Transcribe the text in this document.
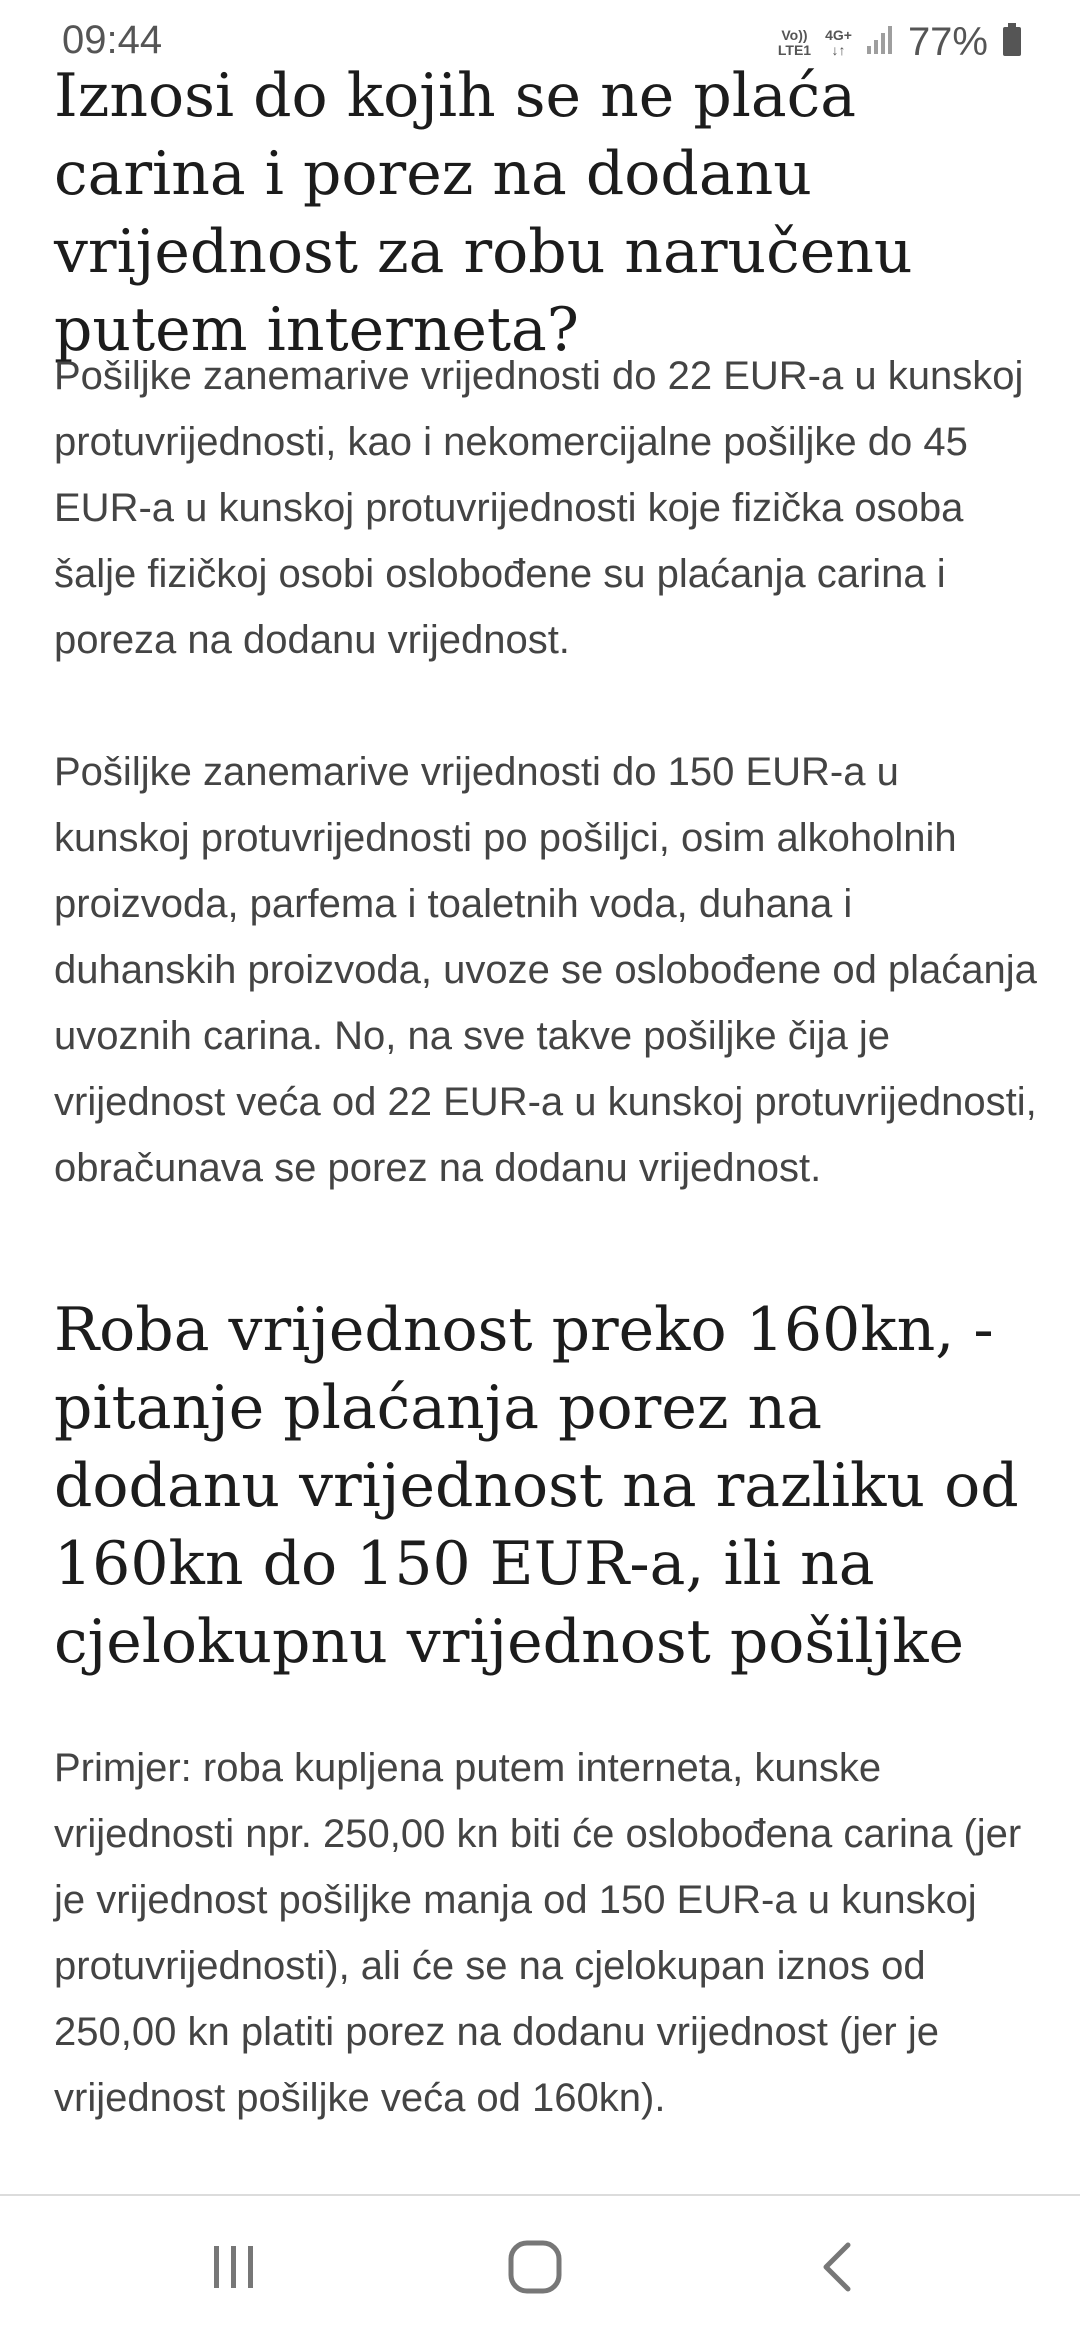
Iznosi do kojih se ne plaća carina i porez na dodanu vrijednost za robu naručenu putem interneta?

Pošiljke zanemarive vrijednosti do 22 EUR-a u kunskoj protuvrijednosti, kao i nekomercijalne pošiljke do 45 EUR-a u kunskoj protuvrijednosti koje fizička osoba šalje fizičkoj osobi oslobođene su plaćanja carina i poreza na dodanu vrijednost.

Pošiljke zanemarive vrijednosti do 150 EUR-a u kunskoj protuvrijednosti po pošiljci, osim alkoholnih proizvoda, parfema i toaletnih voda, duhana i duhanskih proizvoda, uvoze se oslobođene od plaćanja uvoznih carina. No, na sve takve pošiljke čija je vrijednost veća od 22 EUR-a u kunskoj protuvrijednosti, obračunava se porez na dodanu vrijednost.

Roba vrijednost preko 160kn, - pitanje plaćanja porez na dodanu vrijednost na razliku od 160kn do 150 EUR-a, ili na cjelokupnu vrijednost pošiljke

Primjer: roba kupljena putem interneta, kunske vrijednosti npr. 250,00 kn biti će oslobođena carina (jer je vrijednost pošiljke manja od 150 EUR-a u kunskoj protuvrijednosti), ali će se na cjelokupan iznos od 250,00 kn platiti porez na dodanu vrijednost (jer je vrijednost pošiljke veća od 160kn).

09:44	Vo))
LTE1
4G+
↓↑ 77%
